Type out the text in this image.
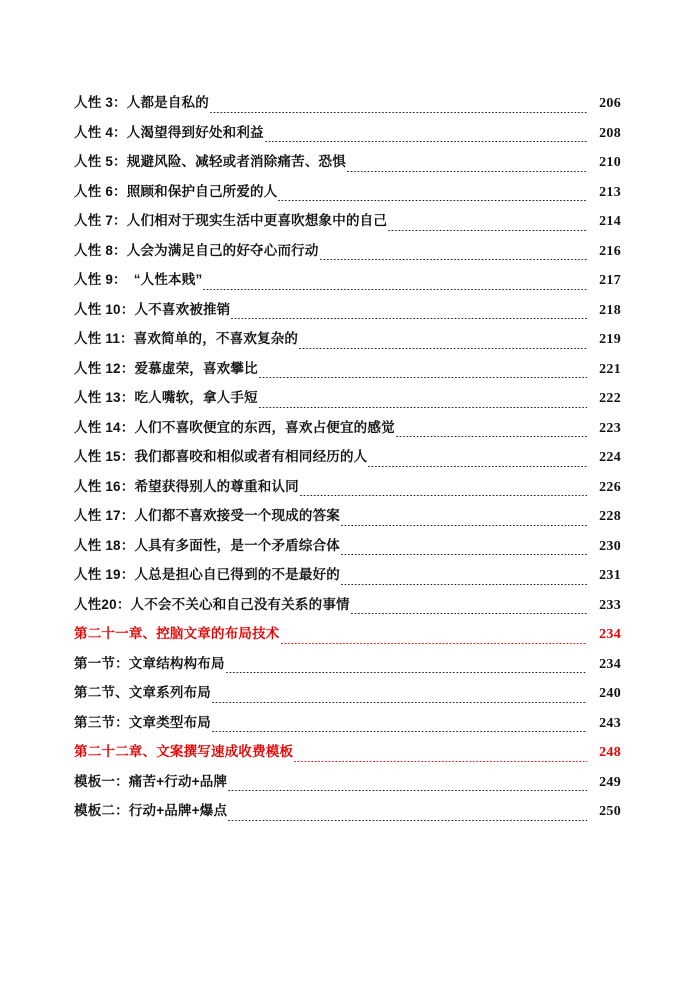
人性 3：人都是自私的	206
人性 4：人渴望得到好处和利益	208
人性 5：规避风险、减轻或者消除痛苦、恐惧	210
人性 6：照顾和保护自己所爱的人	213
人性 7：人们相对于现实生活中更喜吹想象中的自己	214
人性 8：人会为满足自己的好夺心而行动	216
人性 9：　“人性本贱”	217
人性 10：人不喜欢被推销	218
人性 11：喜欢简单的，不喜欢复杂的	219
人性 12：爱慕虚荣，喜欢攀比	221
人性 13：吃人嘴软，拿人手短	222
人性 14：人们不喜吹便宜的东西，喜欢占便宜的感觉	223
人性 15：我们都喜咬和相似或者有相同经历的人	224
人性 16：希望获得别人的尊重和认同	226
人性 17：人们都不喜欢接受一个现成的答案	228
人性 18：人具有多面性，是一个矛盾综合体	230
人性 19：人总是担心自已得到的不是最好的	231
人性20：人不会不关心和自己没有关系的事情	233
第二十一章、控脑文章的布局技术	234
第一节：文章结构构布局	234
第二节、文章系列布局	240
第三节：文章类型布局	243
第二十二章、文案撰写速成收费模板	248
模板一：痛苦+行动+品牌	249
模板二：行动+品牌+爆点	250
